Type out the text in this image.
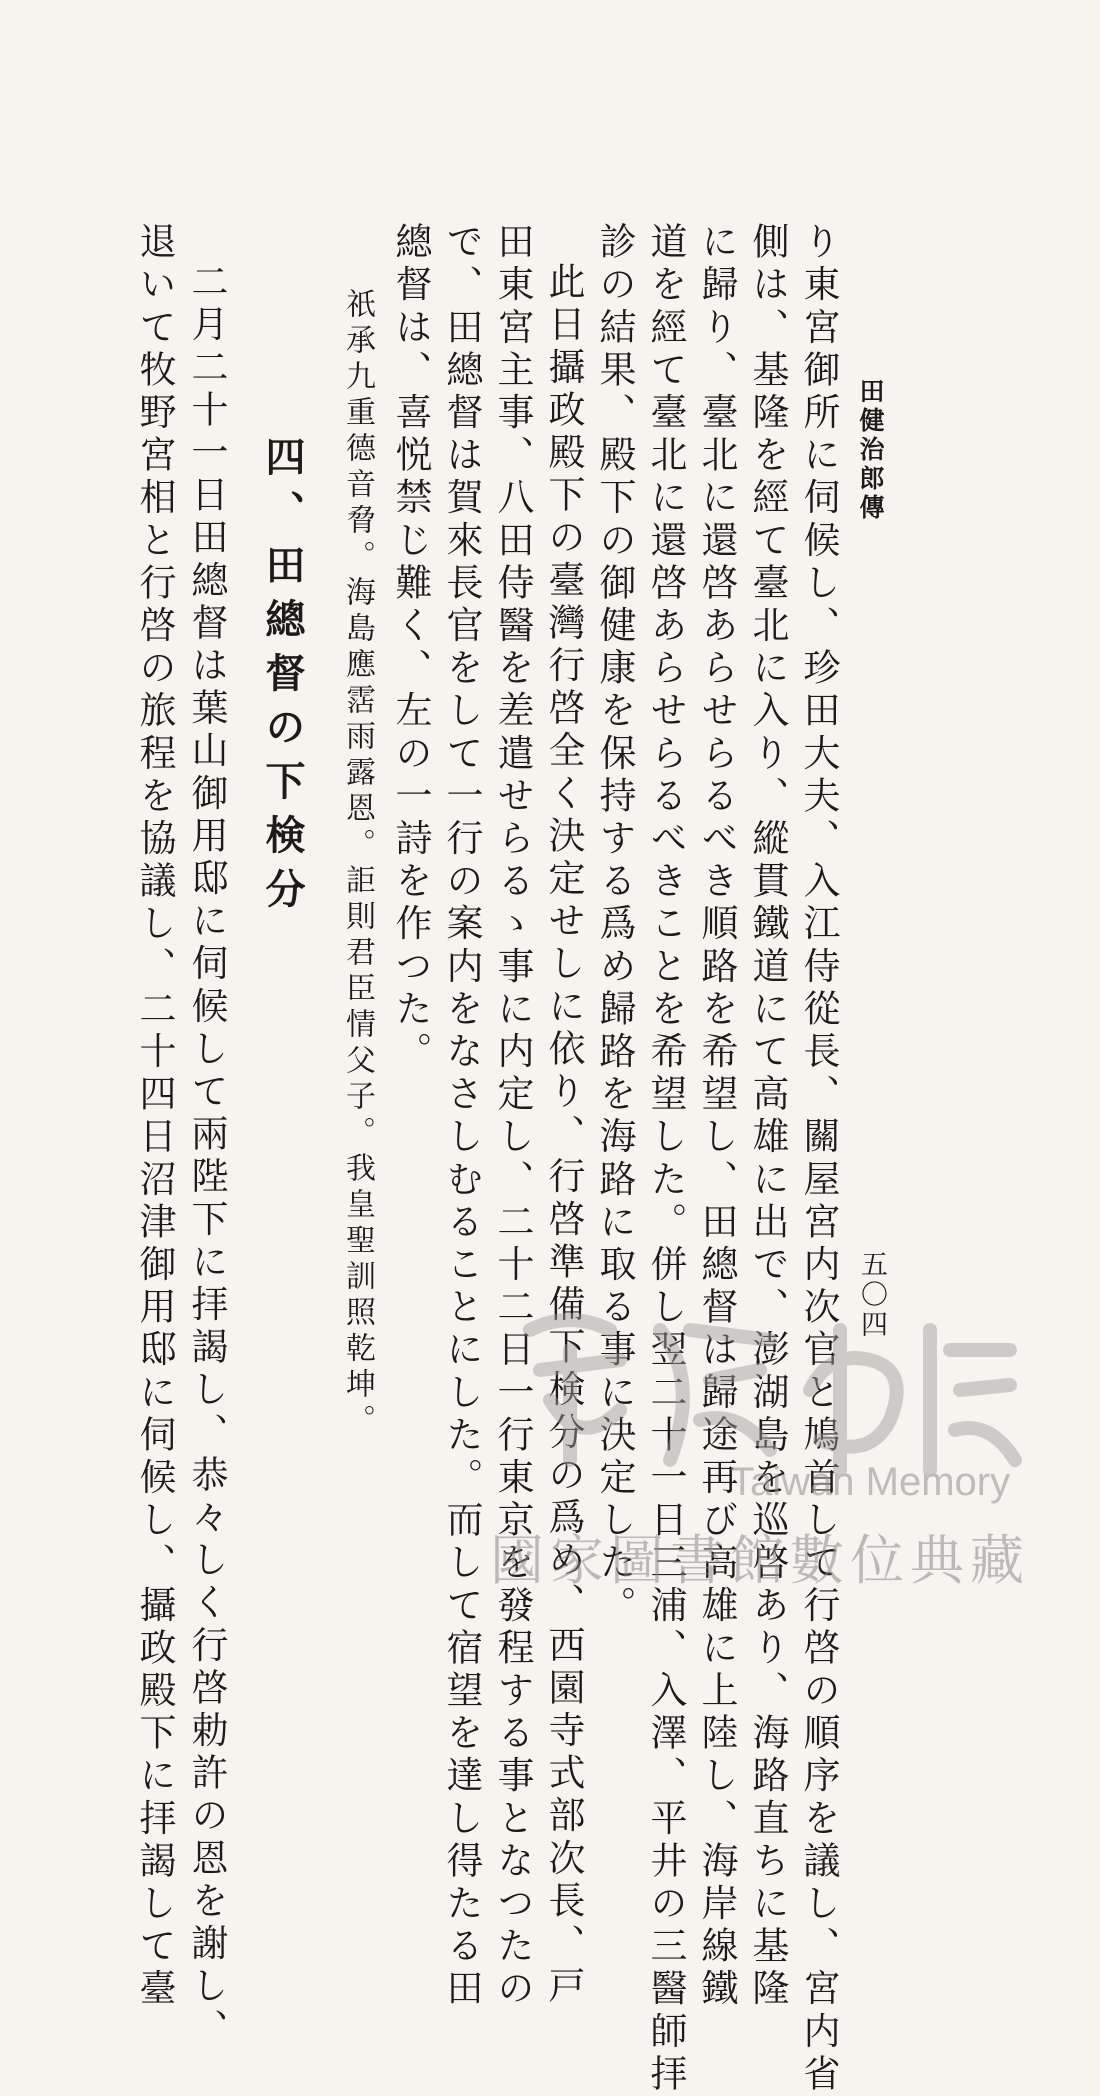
田健治郎傳
五〇四
り東宮御所に伺候し、珍田大夫、入江侍從長、關屋宮内次官と鳩首して行啓の順序を議し、宮内省
側は、基隆を經て臺北に入り、縱貫鐵道にて高雄に出で、澎湖島を巡啓あり、海路直ちに基隆
に歸り、臺北に還啓あらせらるべき順路を希望し、田總督は歸途再び高雄に上陸し、海岸線鐵
道を經て臺北に還啓あらせらるべきことを希望した。併し翌二十一日三浦、入澤、平井の三醫師拝
診の結果、殿下の御健康を保持する爲め歸路を海路に取る事に決定した。
此日攝政殿下の臺灣行啓全く決定せしに依り、行啓準備下検分の爲め、西園寺式部次長、戸
田東宮主事、八田侍醫を差遣せらるゝ事に内定し、二十二日一行東京を發程する事となつたの
で、田總督は賀來長官をして一行の案内をなさしむることにした。而して宿望を達し得たる田
總督は、喜悦禁じ難く、左の一詩を作つた。
祇承九重德音脅。海島應霑雨露恩。詎則君臣情父子。我皇聖訓照乾坤。
四、田總督の下検分
二月二十一日田總督は葉山御用邸に伺候して兩陛下に拝謁し、恭々しく行啓勅許の恩を謝し、
退いて牧野宮相と行啓の旅程を協議し、二十四日沼津御用邸に伺候し、攝政殿下に拝謁して臺	Taiwan Memory
國家圖書館數位典藏
